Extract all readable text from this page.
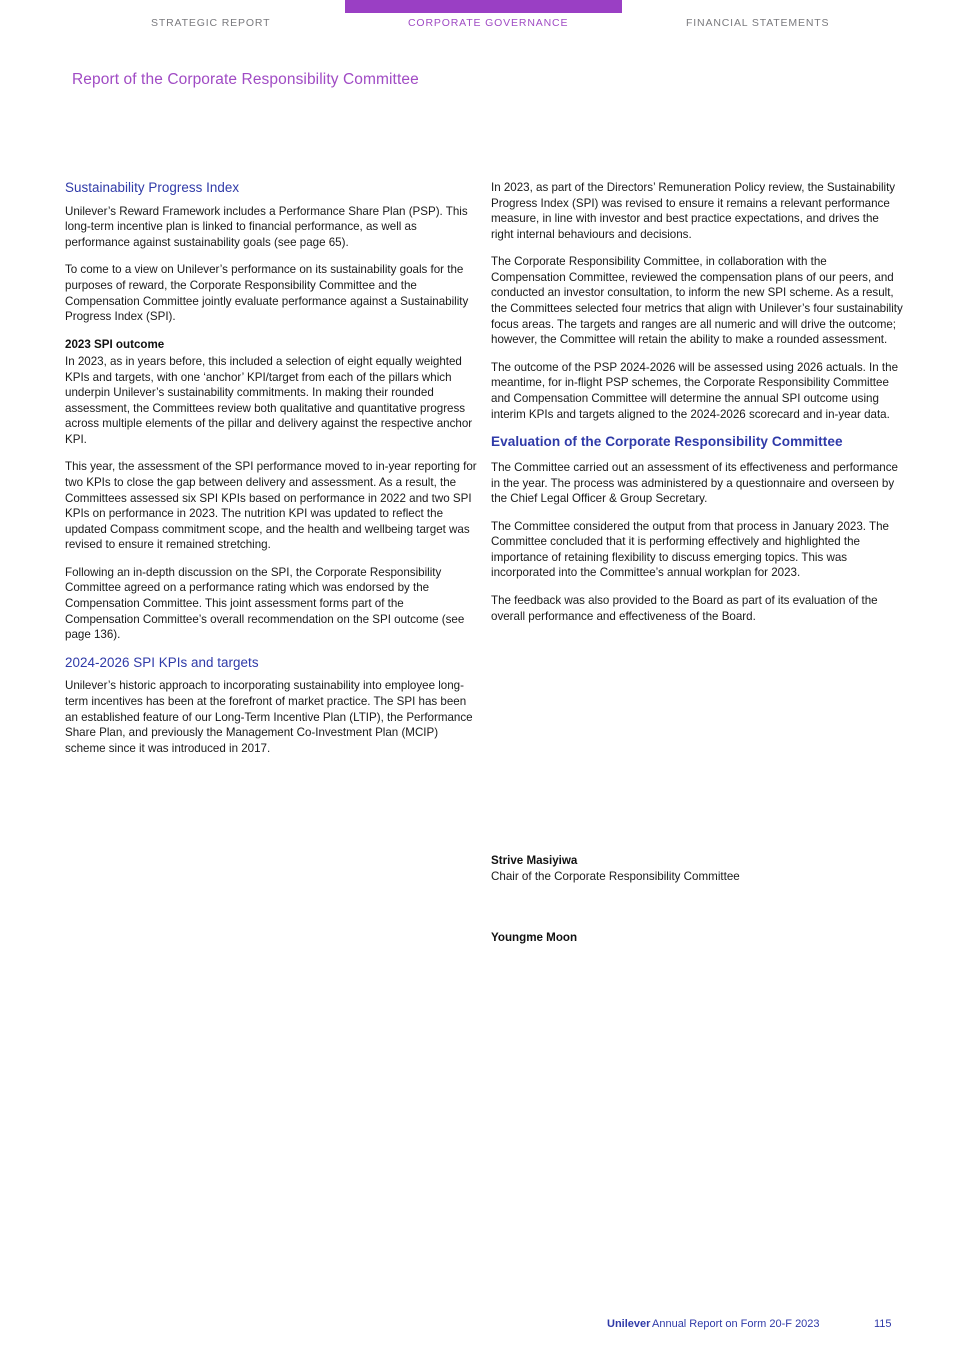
STRATEGIC REPORT	CORPORATE GOVERNANCE	FINANCIAL STATEMENTS
Report of the Corporate Responsibility Committee
Sustainability Progress Index

Unilever’s Reward Framework includes a Performance Share Plan (PSP). This long-term incentive plan is linked to financial performance, as well as performance against sustainability goals (see page 65).

To come to a view on Unilever’s performance on its sustainability goals for the purposes of reward, the Corporate Responsibility Committee and the Compensation Committee jointly evaluate performance against a Sustainability Progress Index (SPI).

2023 SPI outcome

In 2023, as in years before, this included a selection of eight equally weighted KPIs and targets, with one ‘anchor’ KPI/target from each of the pillars which underpin Unilever’s sustainability commitments. In making their rounded assessment, the Committees review both qualitative and quantitative progress across multiple elements of the pillar and delivery against the respective anchor KPI.

This year, the assessment of the SPI performance moved to in-year reporting for two KPIs to close the gap between delivery and assessment. As a result, the Committees assessed six SPI KPIs based on performance in 2022 and two SPI KPIs on performance in 2023. The nutrition KPI was updated to reflect the updated Compass commitment scope, and the health and wellbeing target was revised to ensure it remained stretching.

Following an in-depth discussion on the SPI, the Corporate Responsibility Committee agreed on a performance rating which was endorsed by the Compensation Committee. This joint assessment forms part of the Compensation Committee’s overall recommendation on the SPI outcome (see page 136).

2024-2026 SPI KPIs and targets

Unilever’s historic approach to incorporating sustainability into employee long-term incentives has been at the forefront of market practice. The SPI has been an established feature of our Long-Term Incentive Plan (LTIP), the Performance Share Plan, and previously the Management Co-Investment Plan (MCIP) scheme since it was introduced in 2017.

In 2023, as part of the Directors’ Remuneration Policy review, the Sustainability Progress Index (SPI) was revised to ensure it remains a relevant performance measure, in line with investor and best practice expectations, and drives the right internal behaviours and decisions.

The Corporate Responsibility Committee, in collaboration with the Compensation Committee, reviewed the compensation plans of our peers, and conducted an investor consultation, to inform the new SPI scheme. As a result, the Committees selected four metrics that align with Unilever’s four sustainability focus areas. The targets and ranges are all numeric and will drive the outcome; however, the Committee will retain the ability to make a rounded assessment.

The outcome of the PSP 2024-2026 will be assessed using 2026 actuals. In the meantime, for in-flight PSP schemes, the Corporate Responsibility Committee and Compensation Committee will determine the annual SPI outcome using interim KPIs and targets aligned to the 2024-2026 scorecard and in-year data.

Evaluation of the Corporate Responsibility Committee

The Committee carried out an assessment of its effectiveness and performance in the year. The process was administered by a questionnaire and overseen by the Chief Legal Officer & Group Secretary.

The Committee considered the output from that process in January 2023. The Committee concluded that it is performing effectively and highlighted the importance of retaining flexibility to discuss emerging topics. This was incorporated into the Committee’s annual workplan for 2023.

The feedback was also provided to the Board as part of its evaluation of the overall performance and effectiveness of the Board.

Strive Masiyiwa
Chair of the Corporate Responsibility Committee
Youngme Moon
Unilever Annual Report on Form 20-F 2023	115
